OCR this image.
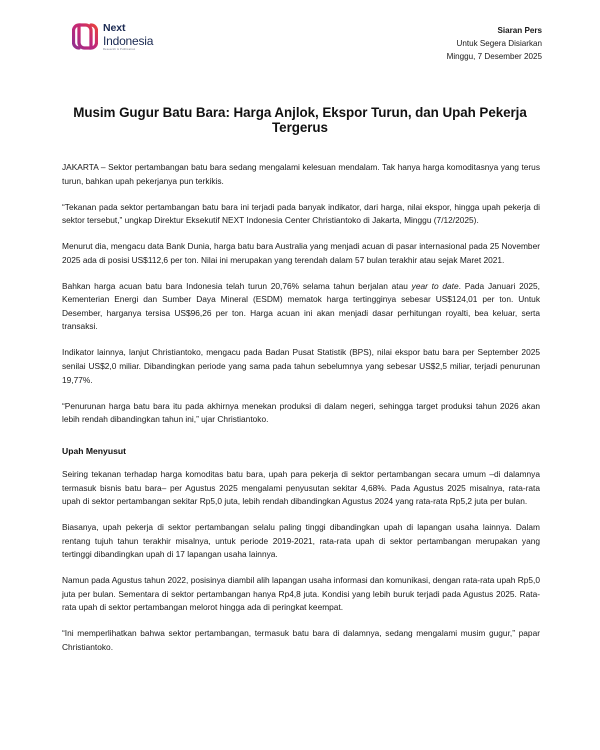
Next
Indonesia
Research & Publication
Siaran Pers
Untuk Segera Disiarkan
Minggu, 7 Desember 2025
Musim Gugur Batu Bara: Harga Anjlok, Ekspor Turun, dan Upah Pekerja Tergerus

JAKARTA – Sektor pertambangan batu bara sedang mengalami kelesuan mendalam. Tak hanya harga komoditasnya yang terus turun, bahkan upah pekerjanya pun terkikis.

“Tekanan pada sektor pertambangan batu bara ini terjadi pada banyak indikator, dari harga, nilai ekspor, hingga upah pekerja di sektor tersebut,” ungkap Direktur Eksekutif NEXT Indonesia Center Christiantoko di Jakarta, Minggu (7/12/2025).

Menurut dia, mengacu data Bank Dunia, harga batu bara Australia yang menjadi acuan di pasar internasional pada 25 November 2025 ada di posisi US$112,6 per ton. Nilai ini merupakan yang terendah dalam 57 bulan terakhir atau sejak Maret 2021.

Bahkan harga acuan batu bara Indonesia telah turun 20,76% selama tahun berjalan atau year to date. Pada Januari 2025, Kementerian Energi dan Sumber Daya Mineral (ESDM) mematok harga tertingginya sebesar US$124,01 per ton. Untuk Desember, harganya tersisa US$96,26 per ton. Harga acuan ini akan menjadi dasar perhitungan royalti, bea keluar, serta transaksi.

Indikator lainnya, lanjut Christiantoko, mengacu pada Badan Pusat Statistik (BPS), nilai ekspor batu bara per September 2025 senilai US$2,0 miliar. Dibandingkan periode yang sama pada tahun sebelumnya yang sebesar US$2,5 miliar, terjadi penurunan 19,77%.

“Penurunan harga batu bara itu pada akhirnya menekan produksi di dalam negeri, sehingga target produksi tahun 2026 akan lebih rendah dibandingkan tahun ini,” ujar Christiantoko.

Upah Menyusut

Seiring tekanan terhadap harga komoditas batu bara, upah para pekerja di sektor pertambangan secara umum –di dalamnya termasuk bisnis batu bara– per Agustus 2025 mengalami penyusutan sekitar 4,68%. Pada Agustus 2025 misalnya, rata-rata upah di sektor pertambangan sekitar Rp5,0 juta, lebih rendah dibandingkan Agustus 2024 yang rata-rata Rp5,2 juta per bulan.

Biasanya, upah pekerja di sektor pertambangan selalu paling tinggi dibandingkan upah di lapangan usaha lainnya. Dalam rentang tujuh tahun terakhir misalnya, untuk periode 2019-2021, rata-rata upah di sektor pertambangan merupakan yang tertinggi dibandingkan upah di 17 lapangan usaha lainnya.

Namun pada Agustus tahun 2022, posisinya diambil alih lapangan usaha informasi dan komunikasi, dengan rata-rata upah Rp5,0 juta per bulan. Sementara di sektor pertambangan hanya Rp4,8 juta. Kondisi yang lebih buruk terjadi pada Agustus 2025. Rata-rata upah di sektor pertambangan melorot hingga ada di peringkat keempat.

“Ini memperlihatkan bahwa sektor pertambangan, termasuk batu bara di dalamnya, sedang mengalami musim gugur,” papar Christiantoko.
